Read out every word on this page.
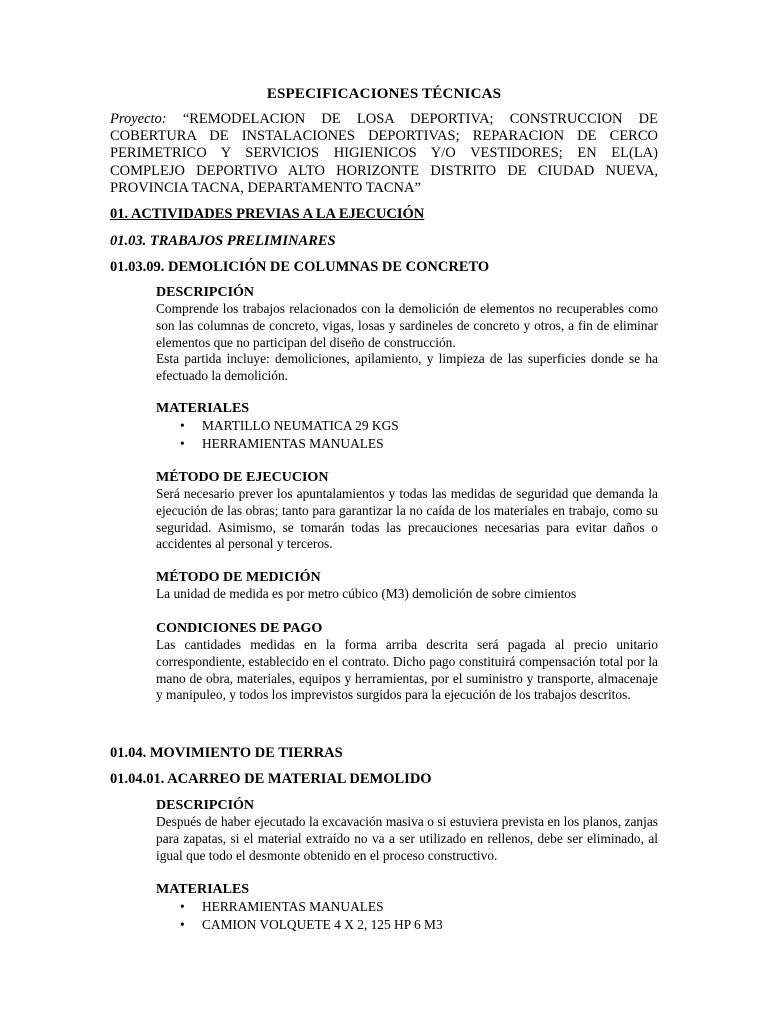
ESPECIFICACIONES TÉCNICAS
Proyecto: “REMODELACION DE LOSA DEPORTIVA; CONSTRUCCION DE COBERTURA DE INSTALACIONES DEPORTIVAS; REPARACION DE CERCO PERIMETRICO Y SERVICIOS HIGIENICOS Y/O VESTIDORES; EN EL(LA) COMPLEJO DEPORTIVO ALTO HORIZONTE DISTRITO DE CIUDAD NUEVA, PROVINCIA TACNA, DEPARTAMENTO TACNA”
01. ACTIVIDADES PREVIAS A LA EJECUCIÓN
01.03. TRABAJOS PRELIMINARES
01.03.09. DEMOLICIÓN DE COLUMNAS DE CONCRETO
DESCRIPCIÓN
Comprende los trabajos relacionados con la demolición de elementos no recuperables como son las columnas de concreto, vigas, losas y sardineles de concreto y otros, a fin de eliminar elementos que no participan del diseño de construcción.
Esta partida incluye: demoliciones, apilamiento, y limpieza de las superficies donde se ha efectuado la demolición.
MATERIALES
• MARTILLO NEUMATICA 29 KGS
• HERRAMIENTAS MANUALES
MÉTODO DE EJECUCION
Será necesario prever los apuntalamientos y todas las medidas de seguridad que demanda la ejecución de las obras; tanto para garantizar la no caída de los materiales en trabajo, como su seguridad. Asimismo, se tomarán todas las precauciones necesarias para evitar daños o accidentes al personal y terceros.
MÉTODO DE MEDICIÓN
La unidad de medida es por metro cúbico (M3) demolición de sobre cimientos
CONDICIONES DE PAGO
Las cantidades medidas en la forma arriba descrita será pagada al precio unitario correspondiente, establecido en el contrato. Dicho pago constituirá compensación total por la mano de obra, materiales, equipos y herramientas, por el suministro y transporte, almacenaje y manipuleo, y todos los imprevistos surgidos para la ejecución de los trabajos descritos.
01.04. MOVIMIENTO DE TIERRAS
01.04.01. ACARREO DE MATERIAL DEMOLIDO
DESCRIPCIÓN
Después de haber ejecutado la excavación masiva o si estuviera prevista en los planos, zanjas para zapatas, si el material extraído no va a ser utilizado en rellenos, debe ser eliminado, al igual que todo el desmonte obtenido en el proceso constructivo.
MATERIALES
• HERRAMIENTAS MANUALES
• CAMION VOLQUETE 4 X 2, 125 HP 6 M3
